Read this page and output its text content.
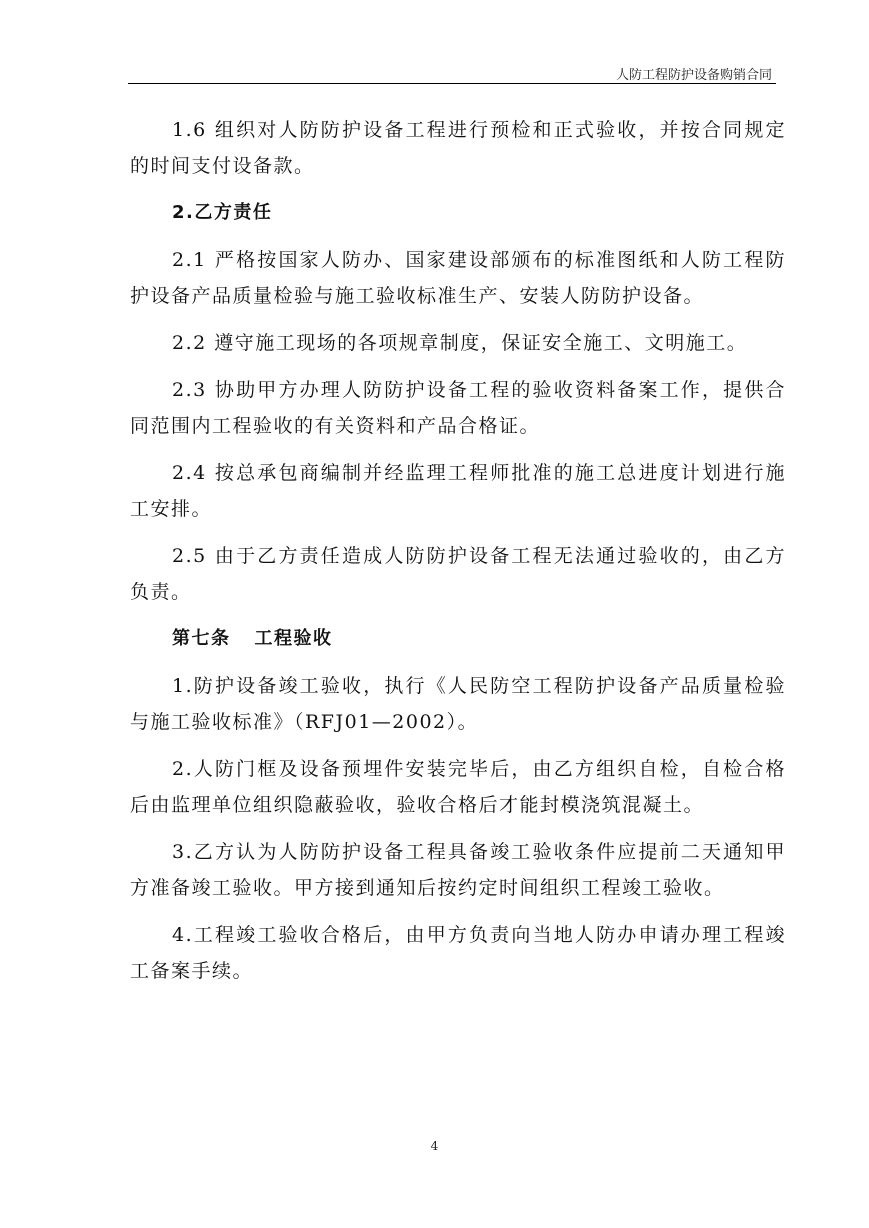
人防工程防护设备购销合同

1.6 组织对人防防护设备工程进行预检和正式验收，并按合同规定的时间支付设备款。

2.乙方责任

2.1 严格按国家人防办、国家建设部颁布的标准图纸和人防工程防护设备产品质量检验与施工验收标准生产、安装人防防护设备。

2.2 遵守施工现场的各项规章制度，保证安全施工、文明施工。

2.3 协助甲方办理人防防护设备工程的验收资料备案工作，提供合同范围内工程验收的有关资料和产品合格证。

2.4 按总承包商编制并经监理工程师批准的施工总进度计划进行施工安排。

2.5 由于乙方责任造成人防防护设备工程无法通过验收的，由乙方负责。

第七条 工程验收

1.防护设备竣工验收，执行《人民防空工程防护设备产品质量检验与施工验收标准》（RFJ01—2002）。

2.人防门框及设备预埋件安装完毕后，由乙方组织自检，自检合格后由监理单位组织隐蔽验收，验收合格后才能封模浇筑混凝土。

3.乙方认为人防防护设备工程具备竣工验收条件应提前二天通知甲方准备竣工验收。甲方接到通知后按约定时间组织工程竣工验收。

4.工程竣工验收合格后，由甲方负责向当地人防办申请办理工程竣工备案手续。

4
